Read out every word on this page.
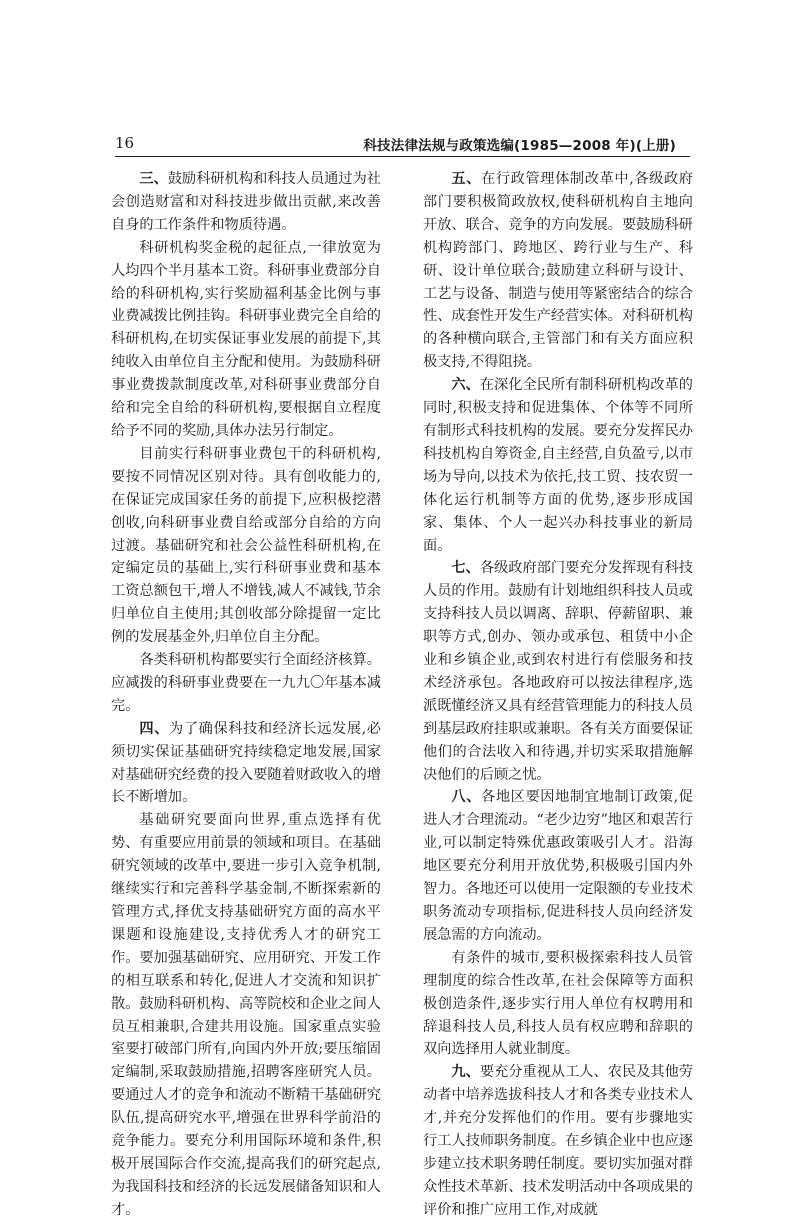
16	科技法律法规与政策选编(1985—2008 年)(上册)

三、鼓励科研机构和科技人员通过为社会创造财富和对科技进步做出贡献,来改善自身的工作条件和物质待遇。

科研机构奖金税的起征点,一律放宽为人均四个半月基本工资。科研事业费部分自给的科研机构,实行奖励福利基金比例与事业费减拨比例挂钩。科研事业费完全自给的科研机构,在切实保证事业发展的前提下,其纯收入由单位自主分配和使用。为鼓励科研事业费拨款制度改革,对科研事业费部分自给和完全自给的科研机构,要根据自立程度给予不同的奖励,具体办法另行制定。

目前实行科研事业费包干的科研机构,要按不同情况区别对待。具有创收能力的,在保证完成国家任务的前提下,应积极挖潜创收,向科研事业费自给或部分自给的方向过渡。基础研究和社会公益性科研机构,在定编定员的基础上,实行科研事业费和基本工资总额包干,增人不增钱,减人不减钱,节余归单位自主使用;其创收部分除提留一定比例的发展基金外,归单位自主分配。

各类科研机构都要实行全面经济核算。应减拨的科研事业费要在一九九〇年基本减完。

四、为了确保科技和经济长远发展,必须切实保证基础研究持续稳定地发展,国家对基础研究经费的投入要随着财政收入的增长不断增加。

基础研究要面向世界,重点选择有优势、有重要应用前景的领域和项目。在基础研究领域的改革中,要进一步引入竞争机制,继续实行和完善科学基金制,不断探索新的管理方式,择优支持基础研究方面的高水平课题和设施建设,支持优秀人才的研究工作。要加强基础研究、应用研究、开发工作的相互联系和转化,促进人才交流和知识扩散。鼓励科研机构、高等院校和企业之间人员互相兼职,合建共用设施。国家重点实验室要打破部门所有,向国内外开放;要压缩固定编制,采取鼓励措施,招聘客座研究人员。要通过人才的竞争和流动不断精干基础研究队伍,提高研究水平,增强在世界科学前沿的竞争能力。要充分利用国际环境和条件,积极开展国际合作交流,提高我们的研究起点,为我国科技和经济的长远发展储备知识和人才。

五、在行政管理体制改革中,各级政府部门要积极简政放权,使科研机构自主地向开放、联合、竞争的方向发展。要鼓励科研机构跨部门、跨地区、跨行业与生产、科研、设计单位联合;鼓励建立科研与设计、工艺与设备、制造与使用等紧密结合的综合性、成套性开发生产经营实体。对科研机构的各种横向联合,主管部门和有关方面应积极支持,不得阻挠。

六、在深化全民所有制科研机构改革的同时,积极支持和促进集体、个体等不同所有制形式科技机构的发展。要充分发挥民办科技机构自筹资金,自主经营,自负盈亏,以市场为导向,以技术为依托,技工贸、技农贸一体化运行机制等方面的优势,逐步形成国家、集体、个人一起兴办科技事业的新局面。

七、各级政府部门要充分发挥现有科技人员的作用。鼓励有计划地组织科技人员或支持科技人员以调离、辞职、停薪留职、兼职等方式,创办、领办或承包、租赁中小企业和乡镇企业,或到农村进行有偿服务和技术经济承包。各地政府可以按法律程序,选派既懂经济又具有经营管理能力的科技人员到基层政府挂职或兼职。各有关方面要保证他们的合法收入和待遇,并切实采取措施解决他们的后顾之忧。

八、各地区要因地制宜地制订政策,促进人才合理流动。“老少边穷”地区和艰苦行业,可以制定特殊优惠政策吸引人才。沿海地区要充分利用开放优势,积极吸引国内外智力。各地还可以使用一定限额的专业技术职务流动专项指标,促进科技人员向经济发展急需的方向流动。

有条件的城市,要积极探索科技人员管理制度的综合性改革,在社会保障等方面积极创造条件,逐步实行用人单位有权聘用和辞退科技人员,科技人员有权应聘和辞职的双向选择用人就业制度。

九、要充分重视从工人、农民及其他劳动者中培养选拔科技人才和各类专业技术人才,并充分发挥他们的作用。要有步骤地实行工人技师职务制度。在乡镇企业中也应逐步建立技术职务聘任制度。要切实加强对群众性技术革新、技术发明活动中各项成果的评价和推广应用工作,对成就
